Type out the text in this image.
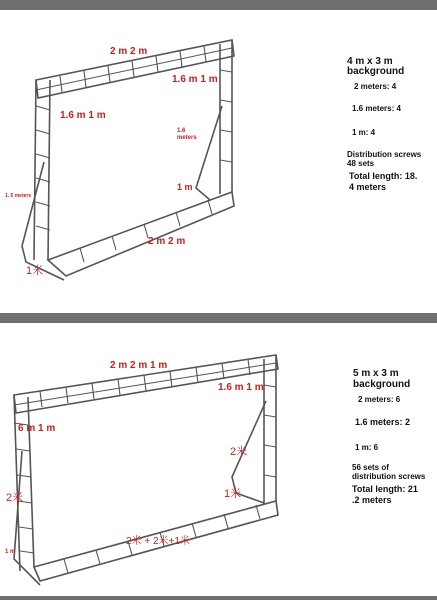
2 m 2 m
1.6 m 1 m
1.6 m 1 m
1.6
meters
1. 6 meters
1 m
2 m 2 m
1米
4 m x 3 m
background
2 meters: 4
1.6 meters: 4
1 m: 4
Distribution screws
48 sets
Total length: 18.
4 meters
2 m 2 m 1 m
1.6 m 1 m
6 m 1 m
2米
2米	1米
2米 + 2米+1米
1 m
5 m x 3 m
background
2 meters: 6
1.6 meters: 2
1 m: 6
56 sets of
distribution screws
Total length: 21
.2 meters
